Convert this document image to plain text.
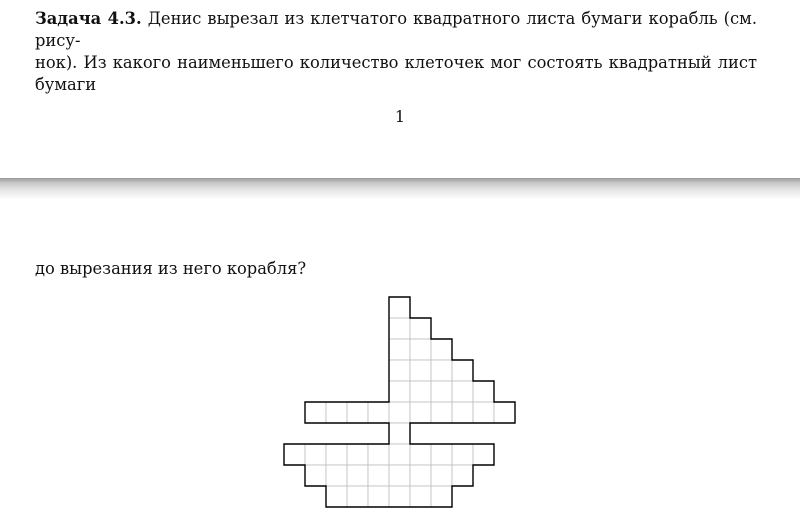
Задача 4.3. Денис вырезал из клетчатого квадратного листа бумаги корабль (см. рису-
нок). Из какого наименьшего количество клеточек мог состоять квадратный лист бумаги
1
до вырезания из него корабля?
